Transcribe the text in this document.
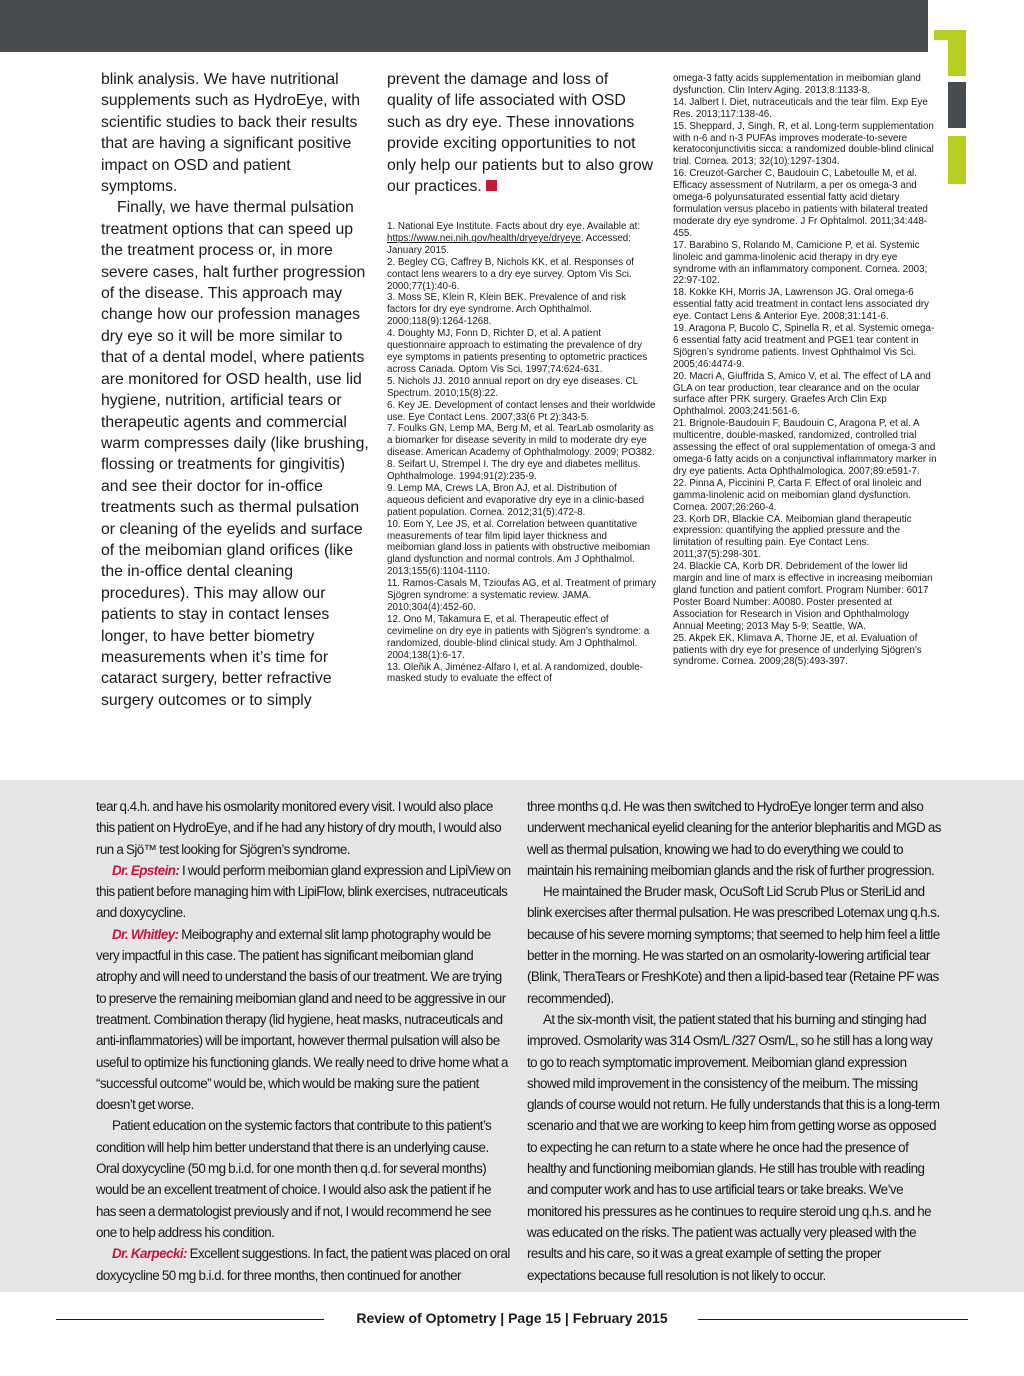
blink analysis. We have nutritional supplements such as HydroEye, with scientific studies to back their results that are having a significant positive impact on OSD and patient symptoms.

Finally, we have thermal pulsation treatment options that can speed up the treatment process or, in more severe cases, halt further progression of the disease. This approach may change how our profession manages dry eye so it will be more similar to that of a dental model, where patients are monitored for OSD health, use lid hygiene, nutrition, artificial tears or therapeutic agents and commercial warm compresses daily (like brushing, flossing or treatments for gingivitis) and see their doctor for in-office treatments such as thermal pulsation or cleaning of the eyelids and surface of the meibomian gland orifices (like the in-office dental cleaning procedures). This may allow our patients to stay in contact lenses longer, to have better biometry measurements when it’s time for cataract surgery, better refractive surgery outcomes or to simply

prevent the damage and loss of quality of life associated with OSD such as dry eye. These innovations provide exciting opportunities to not only help our patients but to also grow our practices.

1. National Eye Institute. Facts about dry eye. Available at: https://www.nei.nih.gov/health/dryeye/dryeye. Accessed: January 2015.
2. Begley CG, Caffrey B, Nichols KK, et al. Responses of contact lens wearers to a dry eye survey. Optom Vis Sci. 2000;77(1):40-6.
3. Moss SE, Klein R, Klein BEK. Prevalence of and risk factors for dry eye syndrome. Arch Ophthalmol. 2000;118(9):1264-1268.
4. Doughty MJ, Fonn D, Richter D, et al. A patient questionnaire approach to estimating the prevalence of dry eye symptoms in patients presenting to optometric practices across Canada. Optom Vis Sci. 1997;74:624-631.
5. Nichols JJ. 2010 annual report on dry eye diseases. CL Spectrum. 2010;15(8):22.
6. Key JE. Development of contact lenses and their worldwide use. Eye Contact Lens. 2007;33(6 Pt 2):343-5.
7. Foulks GN, Lemp MA, Berg M, et al. TearLab osmolarity as a biomarker for disease severity in mild to moderate dry eye disease. American Academy of Ophthalmology. 2009; PO382.
8. Seifart U, Strempel I. The dry eye and diabetes mellitus. Ophthalmologe. 1994;91(2):235-9.
9. Lemp MA, Crews LA, Bron AJ, et al. Distribution of aqueous deficient and evaporative dry eye in a clinic-based patient population. Cornea. 2012;31(5):472-8.
10. Eom Y, Lee JS, et al. Correlation between quantitative measurements of tear film lipid layer thickness and meibomian gland loss in patients with obstructive meibomian gland dysfunction and normal controls. Am J Ophthalmol. 2013;155(6):1104-1110.
11. Ramos-Casals M, Tzioufas AG, et al. Treatment of primary Sjögren syndrome: a systematic review. JAMA. 2010;304(4):452-60.
12. Ono M, Takamura E, et al. Therapeutic effect of cevimeline on dry eye in patients with Sjögren’s syndrome: a randomized, double-blind clinical study. Am J Ophthalmol. 2004;138(1):6-17.
13. Oleñik A, Jiménez-Alfaro I, et al. A randomized, double-masked study to evaluate the effect of
omega-3 fatty acids supplementation in meibomian gland dysfunction. Clin Interv Aging. 2013;8:1133-8.
14. Jalbert I. Diet, nutraceuticals and the tear film. Exp Eye Res. 2013;117:138-46.
15. Sheppard, J, Singh, R, et al. Long-term supplementation with n-6 and n-3 PUFAs improves moderate-to-severe keratoconjunctivitis sicca: a randomized double-blind clinical trial. Cornea. 2013; 32(10):1297-1304.
16. Creuzot-Garcher C, Baudouin C, Labetoulle M, et al. Efficacy assessment of Nutrilarm, a per os omega-3 and omega-6 polyunsaturated essential fatty acid dietary formulation versus placebo in patients with bilateral treated moderate dry eye syndrome. J Fr Ophtalmol. 2011;34:448-455.
17. Barabino S, Rolando M, Camicione P, et al. Systemic linoleic and gamma-linolenic acid therapy in dry eye syndrome with an inflammatory component. Cornea. 2003; 22:97-102.
18. Kokke KH, Morris JA, Lawrenson JG. Oral omega-6 essential fatty acid treatment in contact lens associated dry eye. Contact Lens & Anterior Eye. 2008;31:141-6.
19. Aragona P, Bucolo C, Spinella R, et al. Systemic omega-6 essential fatty acid treatment and PGE1 tear content in Sjögren’s syndrome patients. Invest Ophthalmol Vis Sci. 2005;46:4474-9.
20. Macri A, Giuffrida S, Amico V, et al. The effect of LA and GLA on tear production, tear clearance and on the ocular surface after PRK surgery. Graefes Arch Clin Exp Ophthalmol. 2003;241:561-6.
21. Brignole-Baudouin F, Baudouin C, Aragona P, et al. A multicentre, double-masked, randomized, controlled trial assessing the effect of oral supplementation of omega-3 and omega-6 fatty acids on a conjunctival inflammatory marker in dry eye patients. Acta Ophthalmologica. 2007;89:e591-7.
22. Pinna A, Piccinini P, Carta F. Effect of oral linoleic and gamma-linolenic acid on meibomian gland dysfunction. Cornea. 2007;26:260-4.
23. Korb DR, Blackie CA. Meibomian gland therapeutic expression: quantifying the applied pressure and the limitation of resulting pain. Eye Contact Lens. 2011;37(5):298-301.
24. Blackie CA, Korb DR. Debridement of the lower lid margin and line of marx is effective in increasing meibomian gland function and patient comfort. Program Number: 6017 Poster Board Number: A0080. Poster presented at Association for Research in Vision and Ophthalmology Annual Meeting; 2013 May 5-9; Seattle, WA.
25. Akpek EK, Klimava A, Thorne JE, et al. Evaluation of patients with dry eye for presence of underlying Sjögren’s syndrome. Cornea. 2009;28(5):493-397.

tear q.4.h. and have his osmolarity monitored every visit. I would also place this patient on HydroEye, and if he had any history of dry mouth, I would also run a Sjö™ test looking for Sjögren’s syndrome.

Dr. Epstein: I would perform meibomian gland expression and LipiView on this patient before managing him with LipiFlow, blink exercises, nutraceuticals and doxycycline.

Dr. Whitley: Meibography and external slit lamp photography would be very impactful in this case. The patient has significant meibomian gland atrophy and will need to understand the basis of our treatment. We are trying to preserve the remaining meibomian gland and need to be aggressive in our treatment. Combination therapy (lid hygiene, heat masks, nutraceuticals and anti-inflammatories) will be important, however thermal pulsation will also be useful to optimize his functioning glands. We really need to drive home what a “successful outcome” would be, which would be making sure the patient doesn’t get worse.

Patient education on the systemic factors that contribute to this patient’s condition will help him better understand that there is an underlying cause. Oral doxycycline (50 mg b.i.d. for one month then q.d. for several months) would be an excellent treatment of choice. I would also ask the patient if he has seen a dermatologist previously and if not, I would recommend he see one to help address his condition.

Dr. Karpecki: Excellent suggestions. In fact, the patient was placed on oral doxycycline 50 mg b.i.d. for three months, then continued for another

three months q.d. He was then switched to HydroEye longer term and also underwent mechanical eyelid cleaning for the anterior blepharitis and MGD as well as thermal pulsation, knowing we had to do everything we could to maintain his remaining meibomian glands and the risk of further progression.

He maintained the Bruder mask, OcuSoft Lid Scrub Plus or SteriLid and blink exercises after thermal pulsation. He was prescribed Lotemax ung q.h.s. because of his severe morning symptoms; that seemed to help him feel a little better in the morning. He was started on an osmolarity-lowering artificial tear (Blink, TheraTears or FreshKote) and then a lipid-based tear (Retaine PF was recommended).

At the six-month visit, the patient stated that his burning and stinging had improved. Osmolarity was 314 Osm/L /327 Osm/L, so he still has a long way to go to reach symptomatic improvement. Meibomian gland expression showed mild improvement in the consistency of the meibum. The missing glands of course would not return. He fully understands that this is a long-term scenario and that we are working to keep him from getting worse as opposed to expecting he can return to a state where he once had the presence of healthy and functioning meibomian glands. He still has trouble with reading and computer work and has to use artificial tears or take breaks. We’ve monitored his pressures as he continues to require steroid ung q.h.s. and he was educated on the risks. The patient was actually very pleased with the results and his care, so it was a great example of setting the proper expectations because full resolution is not likely to occur.

Review of Optometry | Page 15 | February 2015
